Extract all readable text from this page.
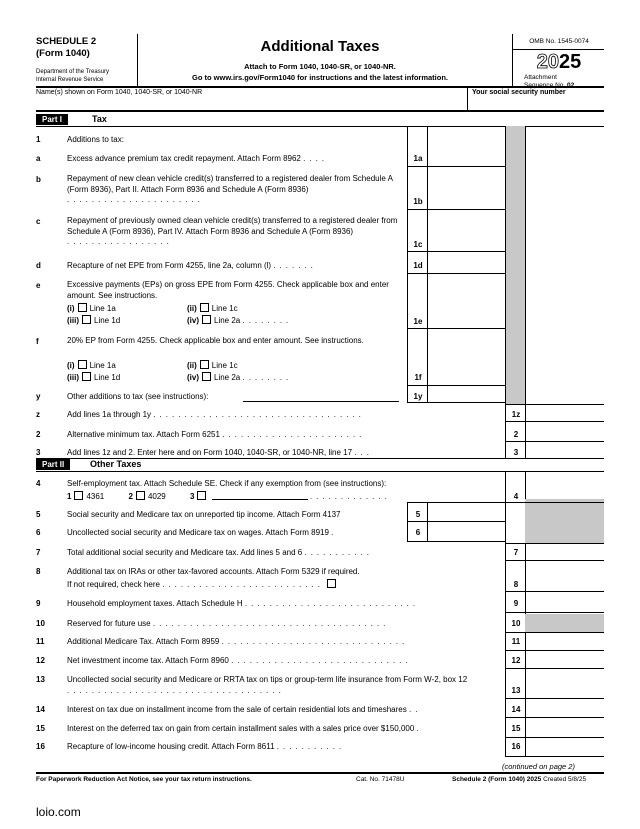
SCHEDULE 2
(Form 1040)
Department of the Treasury
Internal Revenue Service
Additional Taxes
Attach to Form 1040, 1040-SR, or 1040-NR.
Go to www.irs.gov/Form1040 for instructions and the latest information.
OMB No. 1545-0074
2025
Attachment
Name(s) shown on Form 1040, 1040-SR, or 1040-NR	Your social security number
Part I	Tax
1	Additions to tax:
a	Excess advance premium tax credit repayment. Attach Form 8962 ....	1a
b	Repayment of new clean vehicle credit(s) transferred to a registered dealer from Schedule A (Form 8936), Part II. Attach Form 8936 and Schedule A (Form 8936) ......................	1b
c	Repayment of previously owned clean vehicle credit(s) transferred to a registered dealer from Schedule A (Form 8936), Part IV. Attach Form 8936 and Schedule A (Form 8936) .................	1c
d	Recapture of net EPE from Form 4255, line 2a, column (l) .......	1d
e	Excessive payments (EPs) on gross EPE from Form 4255. Check applicable box and enter amount. See instructions.
(i) Line 1a	(ii) Line 1c
(iii) Line 1d	(iv) Line 2a ........	1e
f	20% EP from Form 4255. Check applicable box and enter amount. See instructions.
(i) Line 1a	(ii) Line 1c
(iii) Line 1d	(iv) Line 2a ........	1f
y	Other additions to tax (see instructions):	1y
z	Add lines 1a through 1y ..................................	1z
2	Alternative minimum tax. Attach Form 6251 .......................	2
3	Add lines 1z and 2. Enter here and on Form 1040, 1040-SR, or 1040-NR, line 17 ...	3
Part II	Other Taxes
4	Self-employment tax. Attach Schedule SE. Check if any exemption from (see instructions):
1 4361	2 4029	3	.............	4
5	Social security and Medicare tax on unreported tip income. Attach Form 4137	5
6	Uncollected social security and Medicare tax on wages. Attach Form 8919 .	6
7	Total additional social security and Medicare tax. Add lines 5 and 6 ...........	7
8	Additional tax on IRAs or other tax-favored accounts. Attach Form 5329 if required.
If not required, check here ..........................	8
9	Household employment taxes. Attach Schedule H ............................	9
10	Reserved for future use ......................................	10
11	Additional Medicare Tax. Attach Form 8959 ..............................	11
12	Net investment income tax. Attach Form 8960 .............................	12
13	Uncollected social security and Medicare or RRTA tax on tips or group-term life insurance from Form W-2, box 12 ...................................	13
14	Interest on tax due on installment income from the sale of certain residential lots and timeshares ..	14
15	Interest on the deferred tax on gain from certain installment sales with a sales price over $150,000 .	15
16	Recapture of low-income housing credit. Attach Form 8611 ...........	16
(continued on page 2)
For Paperwork Reduction Act Notice, see your tax return instructions.	Cat. No. 71478U	Schedule 2 (Form 1040) 2025 Created 5/8/25
loio.com
